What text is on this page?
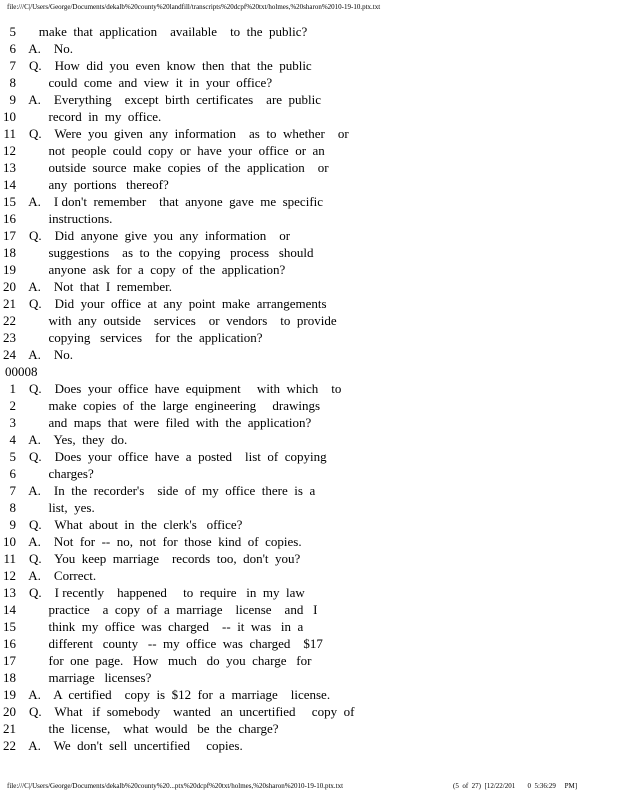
file:///C|/Users/George/Documents/dekalb%20county%20landfill/transcripts%20dcpf%20txt/holmes,%20sharon%2010-19-10.ptx.txt
5       make  that  application    available    to  the  public?
6    A.    No.
7    Q.    How  did  you  even  know  then  that  the  public
8          could  come  and  view  it  in  your  office?
9    A.    Everything    except  birth  certificates    are  public
10          record  in  my  office.
11    Q.    Were  you  given  any  information    as  to  whether    or
12          not  people  could  copy  or  have  your  office  or  an
13          outside  source  make  copies  of  the  application    or
14          any  portions   thereof?
15    A.    I don't  remember    that  anyone  gave  me  specific
16          instructions.
17    Q.    Did  anyone  give  you  any  information    or
18          suggestions    as  to  the  copying   process   should
19          anyone  ask  for  a  copy  of  the  application?
20    A.    Not  that  I  remember.
21    Q.    Did  your  office  at  any  point  make  arrangements
22          with  any  outside    services    or  vendors    to  provide
23          copying   services    for  the  application?
24    A.    No.
00008
1    Q.    Does  your  office  have  equipment     with  which    to
2          make  copies  of  the  large  engineering     drawings
3          and  maps  that  were  filed  with  the  application?
4    A.    Yes,  they  do.
5    Q.    Does  your  office  have  a  posted    list  of  copying
6          charges?
7    A.    In  the  recorder's    side  of  my  office  there  is  a
8          list,  yes.
9    Q.    What  about  in  the  clerk's   office?
10    A.    Not  for  --  no,  not  for  those  kind  of  copies.
11    Q.    You  keep  marriage    records  too,  don't  you?
12    A.    Correct.
13    Q.    I recently    happened     to  require   in  my  law
14          practice    a  copy  of  a  marriage    license    and   I
15          think  my  office  was  charged    --  it  was   in  a
16          different   county   --  my  office  was  charged    $17
17          for  one  page.   How   much   do  you  charge   for
18          marriage   licenses?
19    A.    A  certified    copy  is  $12  for  a  marriage    license.
20    Q.    What   if  somebody    wanted   an  uncertified     copy  of
21          the  license,    what  would   be  the  charge?
22    A.    We  don't  sell  uncertified     copies.
file:///C|/Users/George/Documents/dekalb%20county%20...ptx%20dcpf%20txt/holmes,%20sharon%2010-19-10.ptx.txt	(5  of  27)  [12/22/201       0  5:36:29     PM]
